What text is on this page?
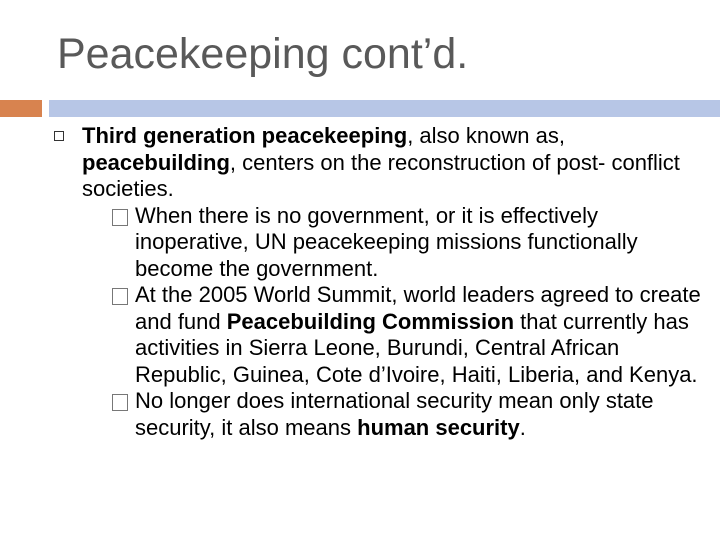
Peacekeeping cont’d.

Third generation peacekeeping, also known as, peacebuilding, centers on the reconstruction of post- conflict societies.

When there is no government, or it is effectively inoperative, UN peacekeeping missions functionally become the government.

At the 2005 World Summit, world leaders agreed to create and fund Peacebuilding Commission that currently has activities in Sierra Leone, Burundi, Central African Republic, Guinea, Cote d’Ivoire, Haiti, Liberia, and Kenya.

No longer does international security mean only state security, it also means human security.
